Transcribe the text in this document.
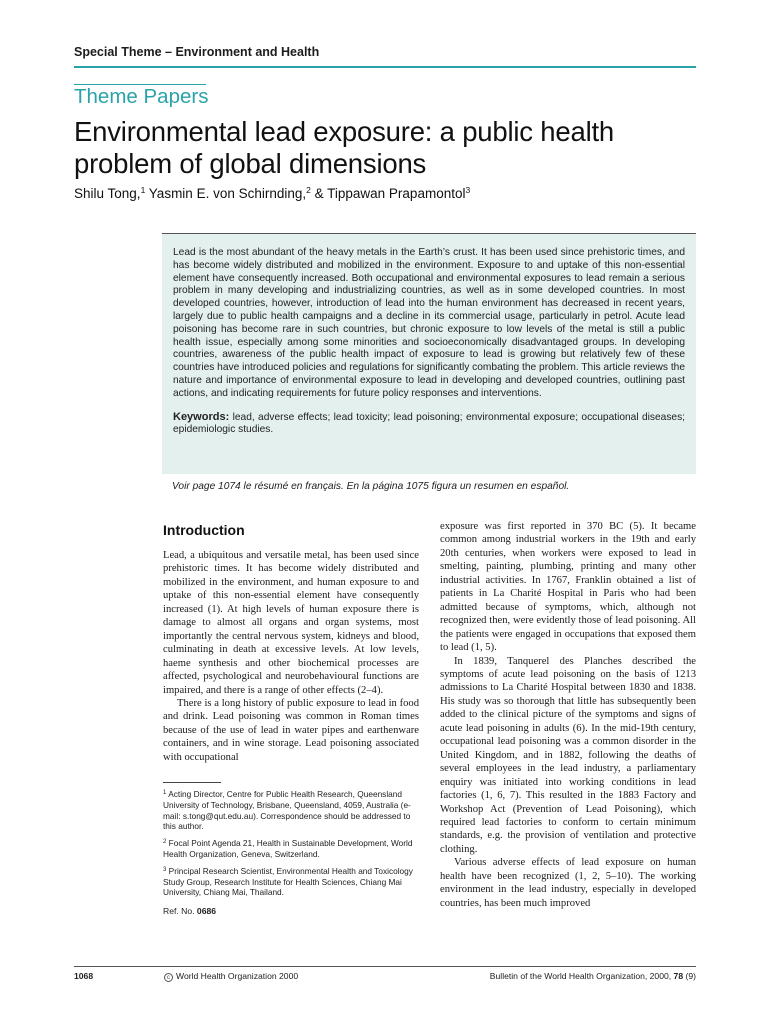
Special Theme – Environment and Health
Theme Papers
Environmental lead exposure: a public health problem of global dimensions
Shilu Tong,$^1$ Yasmin E. von Schirnding,$^2$ & Tippawan Prapamontol$^3$

Lead is the most abundant of the heavy metals in the Earth’s crust. It has been used since prehistoric times, and has become widely distributed and mobilized in the environment. Exposure to and uptake of this non-essential element have consequently increased. Both occupational and environmental exposures to lead remain a serious problem in many developing and industrializing countries, as well as in some developed countries. In most developed countries, however, introduction of lead into the human environment has decreased in recent years, largely due to public health campaigns and a decline in its commercial usage, particularly in petrol. Acute lead poisoning has become rare in such countries, but chronic exposure to low levels of the metal is still a public health issue, especially among some minorities and socioeconomically disadvantaged groups. In developing countries, awareness of the public health impact of exposure to lead is growing but relatively few of these countries have introduced policies and regulations for significantly combating the problem. This article reviews the nature and importance of environmental exposure to lead in developing and developed countries, outlining past actions, and indicating requirements for future policy responses and interventions.

Keywords: lead, adverse effects; lead toxicity; lead poisoning; environmental exposure; occupational diseases; epidemiologic studies.

Voir page 1074 le résumé en français. En la página 1075 figura un resumen en español.
Introduction

Lead, a ubiquitous and versatile metal, has been used since prehistoric times. It has become widely distributed and mobilized in the environment, and human exposure to and uptake of this non-essential element have consequently increased (1). At high levels of human exposure there is damage to almost all organs and organ systems, most importantly the central nervous system, kidneys and blood, culminating in death at excessive levels. At low levels, haeme synthesis and other biochemical processes are affected, psychological and neurobehavioural functions are impaired, and there is a range of other effects (2–4).

There is a long history of public exposure to lead in food and drink. Lead poisoning was common in Roman times because of the use of lead in water pipes and earthenware containers, and in wine storage. Lead poisoning associated with occupational

$^1$ Acting Director, Centre for Public Health Research, Queensland University of Technology, Brisbane, Queensland, 4059, Australia (e-mail: s.tong@qut.edu.au). Correspondence should be addressed to this author.

$^2$ Focal Point Agenda 21, Health in Sustainable Development, World Health Organization, Geneva, Switzerland.

$^3$ Principal Research Scientist, Environmental Health and Toxicology Study Group, Research Institute for Health Sciences, Chiang Mai University, Chiang Mai, Thailand.

Ref. No. 0686

exposure was first reported in 370 BC (5). It became common among industrial workers in the 19th and early 20th centuries, when workers were exposed to lead in smelting, painting, plumbing, printing and many other industrial activities. In 1767, Franklin obtained a list of patients in La Charité Hospital in Paris who had been admitted because of symptoms, which, although not recognized then, were evidently those of lead poisoning. All the patients were engaged in occupations that exposed them to lead (1, 5).

In 1839, Tanquerel des Planches described the symptoms of acute lead poisoning on the basis of 1213 admissions to La Charité Hospital between 1830 and 1838. His study was so thorough that little has subsequently been added to the clinical picture of the symptoms and signs of acute lead poisoning in adults (6). In the mid-19th century, occupational lead poisoning was a common disorder in the United Kingdom, and in 1882, following the deaths of several employees in the lead industry, a parliamentary enquiry was initiated into working conditions in lead factories (1, 6, 7). This resulted in the 1883 Factory and Workshop Act (Prevention of Lead Poisoning), which required lead factories to conform to certain minimum standards, e.g. the provision of ventilation and protective clothing.

Various adverse effects of lead exposure on human health have been recognized (1, 2, 5–10). The working environment in the lead industry, especially in developed countries, has been much improved

1068	c World Health Organization 2000	Bulletin of the World Health Organization, 2000, 78 (9)
